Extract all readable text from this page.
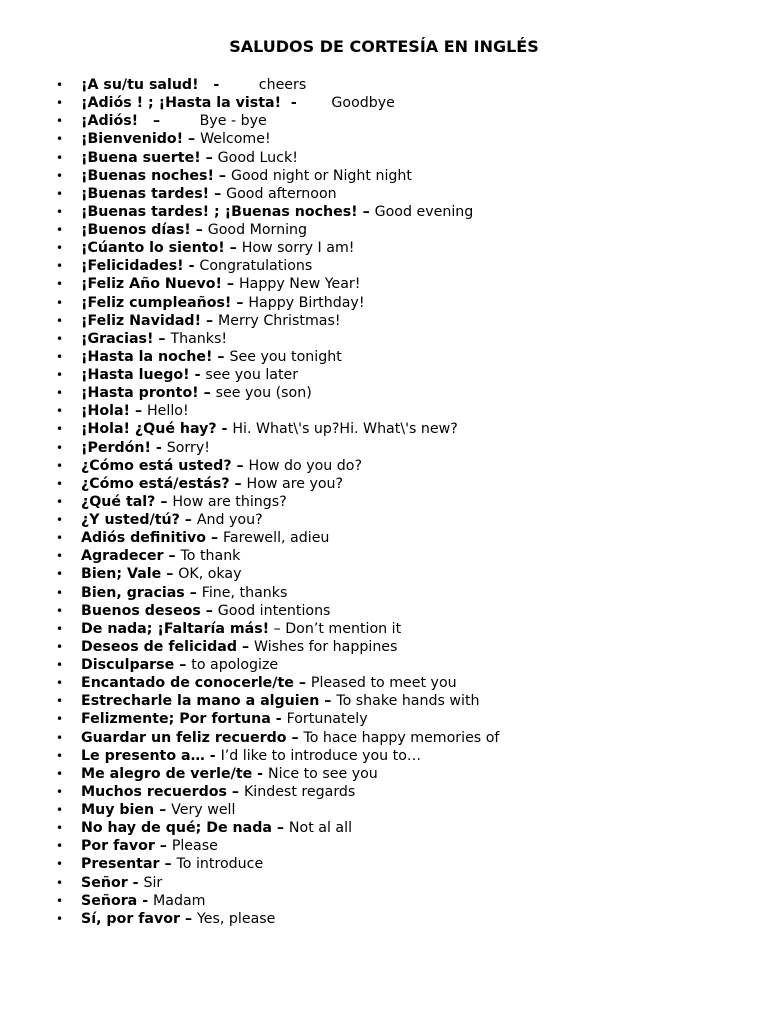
SALUDOS DE CORTESÍA EN INGLÉS
• ¡A su/tu salud!   -        cheers
• ¡Adiós ! ; ¡Hasta la vista!  -       Goodbye
• ¡Adiós!   –        Bye - bye
• ¡Bienvenido! – Welcome!
• ¡Buena suerte! – Good Luck!
• ¡Buenas noches! – Good night or Night night
• ¡Buenas tardes! – Good afternoon
• ¡Buenas tardes! ; ¡Buenas noches! – Good evening
• ¡Buenos días! – Good Morning
• ¡Cúanto lo siento! – How sorry I am!
• ¡Felicidades! - Congratulations
• ¡Feliz Año Nuevo! – Happy New Year!
• ¡Feliz cumpleaños! – Happy Birthday!
• ¡Feliz Navidad! – Merry Christmas!
• ¡Gracias! – Thanks!
• ¡Hasta la noche! – See you tonight
• ¡Hasta luego! - see you later
• ¡Hasta pronto! – see you (son)
• ¡Hola! – Hello!
• ¡Hola! ¿Qué hay? - Hi. What\'s up?Hi. What\'s new?
• ¡Perdón! - Sorry!
• ¿Cómo está usted? – How do you do?
• ¿Cómo está/estás? – How are you?
• ¿Qué tal? – How are things?
• ¿Y usted/tú? – And you?
• Adiós definitivo – Farewell, adieu
• Agradecer – To thank
• Bien; Vale – OK, okay
• Bien, gracias – Fine, thanks
• Buenos deseos – Good intentions
• De nada; ¡Faltaría más! – Don’t mention it
• Deseos de felicidad – Wishes for happines
• Disculparse – to apologize
• Encantado de conocerle/te – Pleased to meet you
• Estrecharle la mano a alguien – To shake hands with
• Felizmente; Por fortuna - Fortunately
• Guardar un feliz recuerdo – To hace happy memories of
• Le presento a… - I’d like to introduce you to…
• Me alegro de verle/te - Nice to see you
• Muchos recuerdos – Kindest regards
• Muy bien – Very well
• No hay de qué; De nada – Not al all
• Por favor – Please
• Presentar – To introduce
• Señor - Sir
• Señora - Madam
• Sí, por favor – Yes, please
